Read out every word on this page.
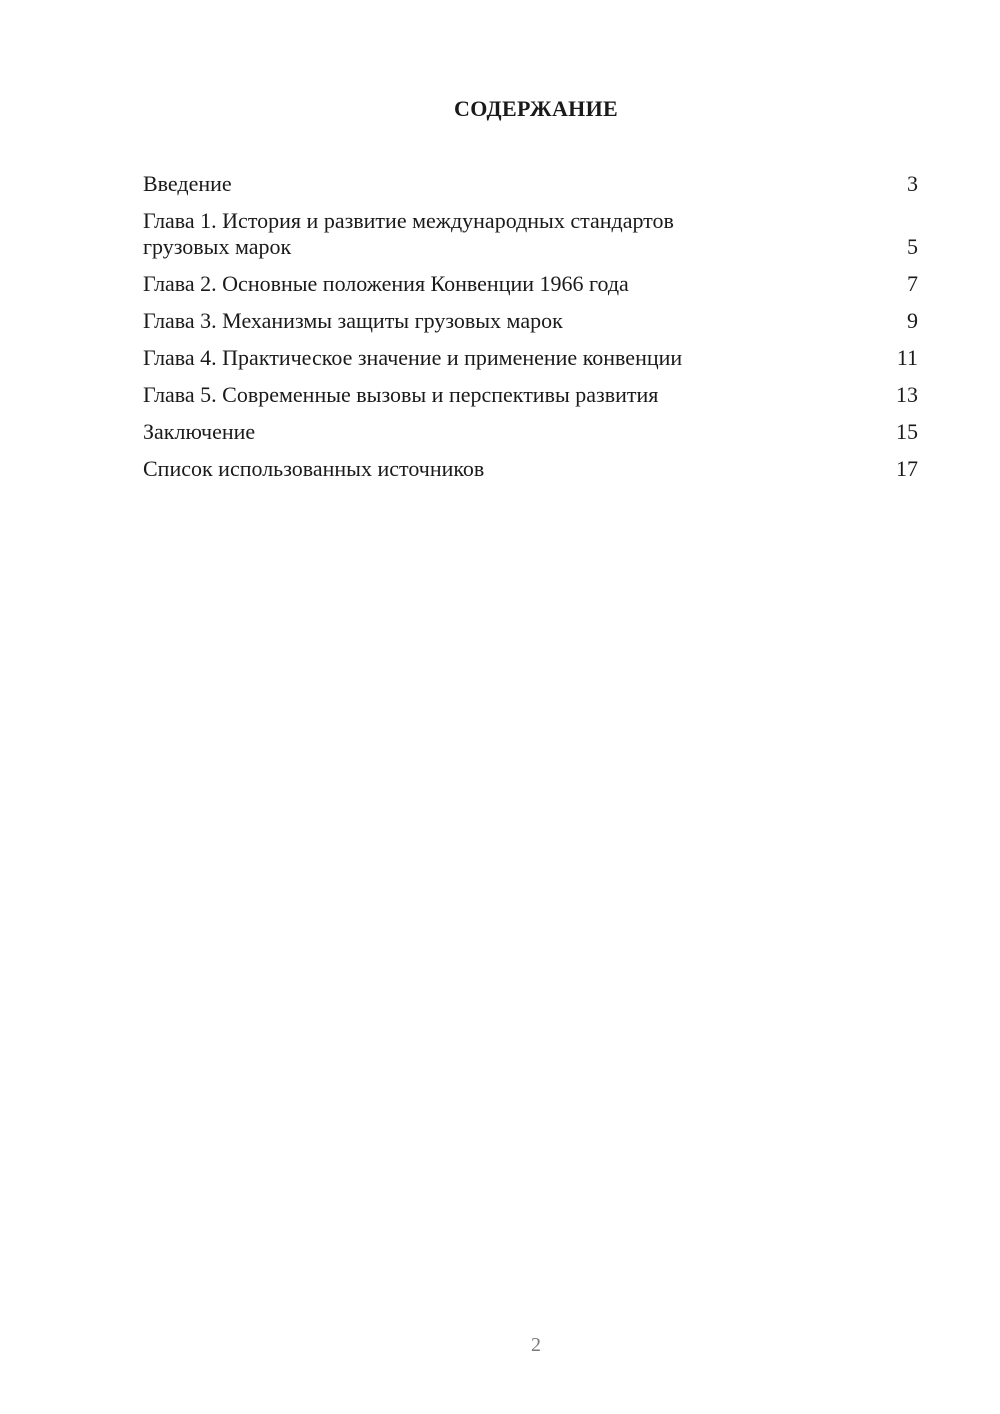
СОДЕРЖАНИЕ
Введение	3
Глава 1. История и развитие международных стандартов грузовых марок	5
Глава 2. Основные положения Конвенции 1966 года	7
Глава 3. Механизмы защиты грузовых марок	9
Глава 4. Практическое значение и применение конвенции	11
Глава 5. Современные вызовы и перспективы развития	13
Заключение	15
Список использованных источников	17
2
